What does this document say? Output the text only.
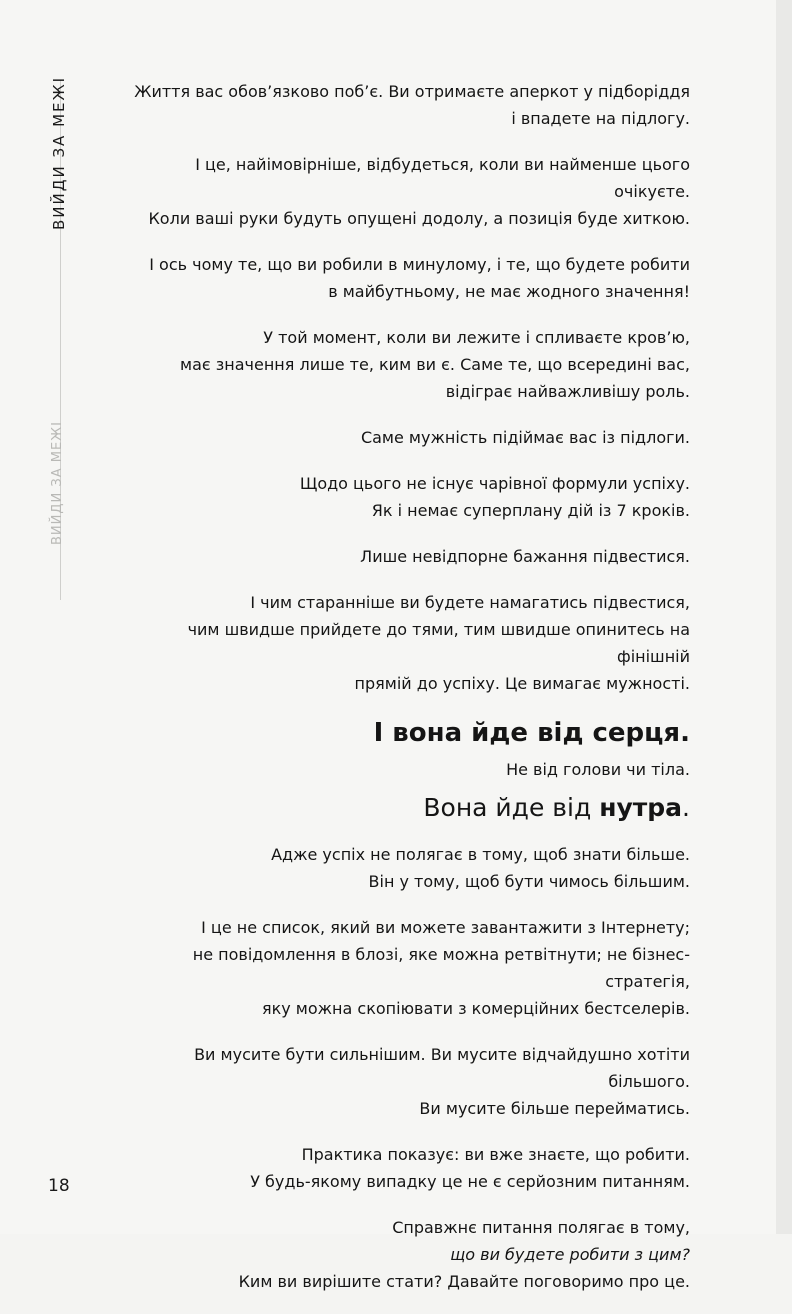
ВИЙДИ ЗА МЕЖІ
ВИЙДИ ЗА МЕЖІ
Життя вас обов’язково поб’є. Ви отримаєте аперкот у підборіддя
і впадете на підлогу.
І це, найімовірніше, відбудеться, коли ви найменше цього очікуєте.
Коли ваші руки будуть опущені додолу, а позиція буде хиткою.
І ось чому те, що ви робили в минулому, і те, що будете робити
в майбутньому, не має жодного значення!
У той момент, коли ви лежите і спливаєте кров’ю,
має значення лише те, ким ви є. Саме те, що всередині вас,
відіграє найважливішу роль.
Саме мужність підіймає вас із підлоги.
Щодо цього не існує чарівної формули успіху.
Як і немає суперплану дій із 7 кроків.
Лише невідпорне бажання підвестися.
І чим старанніше ви будете намагатись підвестися,
чим швидше прийдете до тями, тим швидше опинитесь на фінішній
прямій до успіху. Це вимагає мужності.
І вона йде від серця.
Не від голови чи тіла.
Вона йде від нутра.
Адже успіх не полягає в тому, щоб знати більше.
Він у тому, щоб бути чимось більшим.
І це не список, який ви можете завантажити з Інтернету;
не повідомлення в блозі, яке можна ретвітнути; не бізнес-стратегія,
яку можна скопіювати з комерційних бестселерів.
Ви мусите бути сильнішим. Ви мусите відчайдушно хотіти більшого.
Ви мусите більше перейматись.
Практика показує: ви вже знаєте, що робити.
У будь-якому випадку це не є серйозним питанням.
Справжнє питання полягає в тому,
що ви будете робити з цим?
Ким ви вирішите стати? Давайте поговоримо про це.
18
